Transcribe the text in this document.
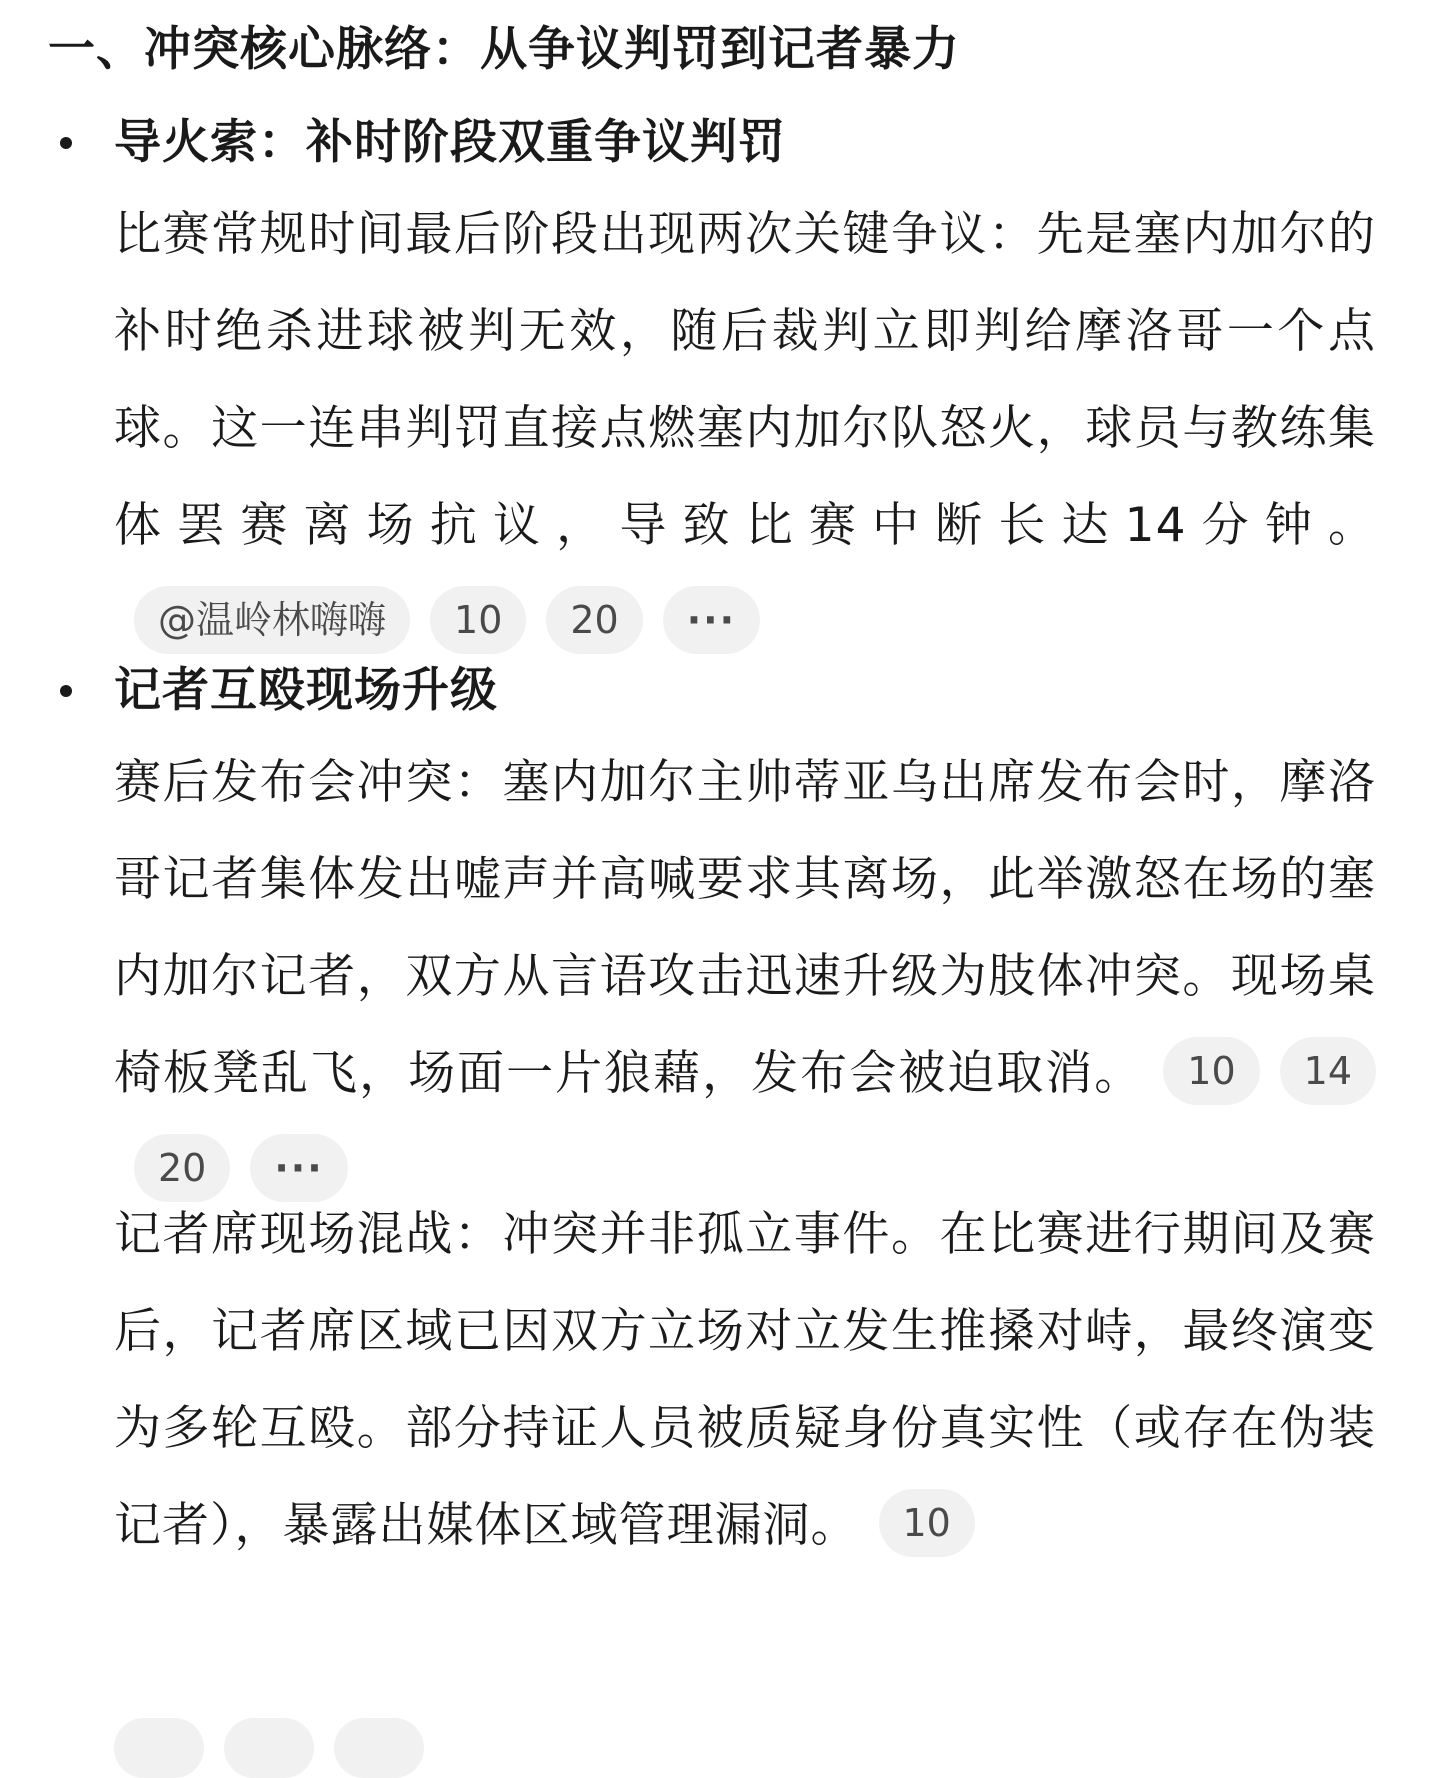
一、冲突核心脉络：从争议判罚到记者暴力
导火索：补时阶段双重争议判罚

比赛常规时间最后阶段出现两次关键争议：先是塞内加尔的补时绝杀进球被判无效，随后裁判立即判给摩洛哥一个点球。这一连串判罚直接点燃塞内加尔队怒火，球员与教练集体罢赛离场抗议，导致比赛中断长达14分钟。@温岭林嗨嗨 10 20 ···

记者互殴现场升级

赛后发布会冲突：塞内加尔主帅蒂亚乌出席发布会时，摩洛哥记者集体发出嘘声并高喊要求其离场，此举激怒在场的塞内加尔记者，双方从言语攻击迅速升级为肢体冲突。现场桌椅板凳乱飞，场面一片狼藉，发布会被迫取消。 10 1420 ···

记者席现场混战：冲突并非孤立事件。在比赛进行期间及赛后，记者席区域已因双方立场对立发生推搡对峙，最终演变为多轮互殴。部分持证人员被质疑身份真实性（或存在伪装记者），暴露出媒体区域管理漏洞。 10
